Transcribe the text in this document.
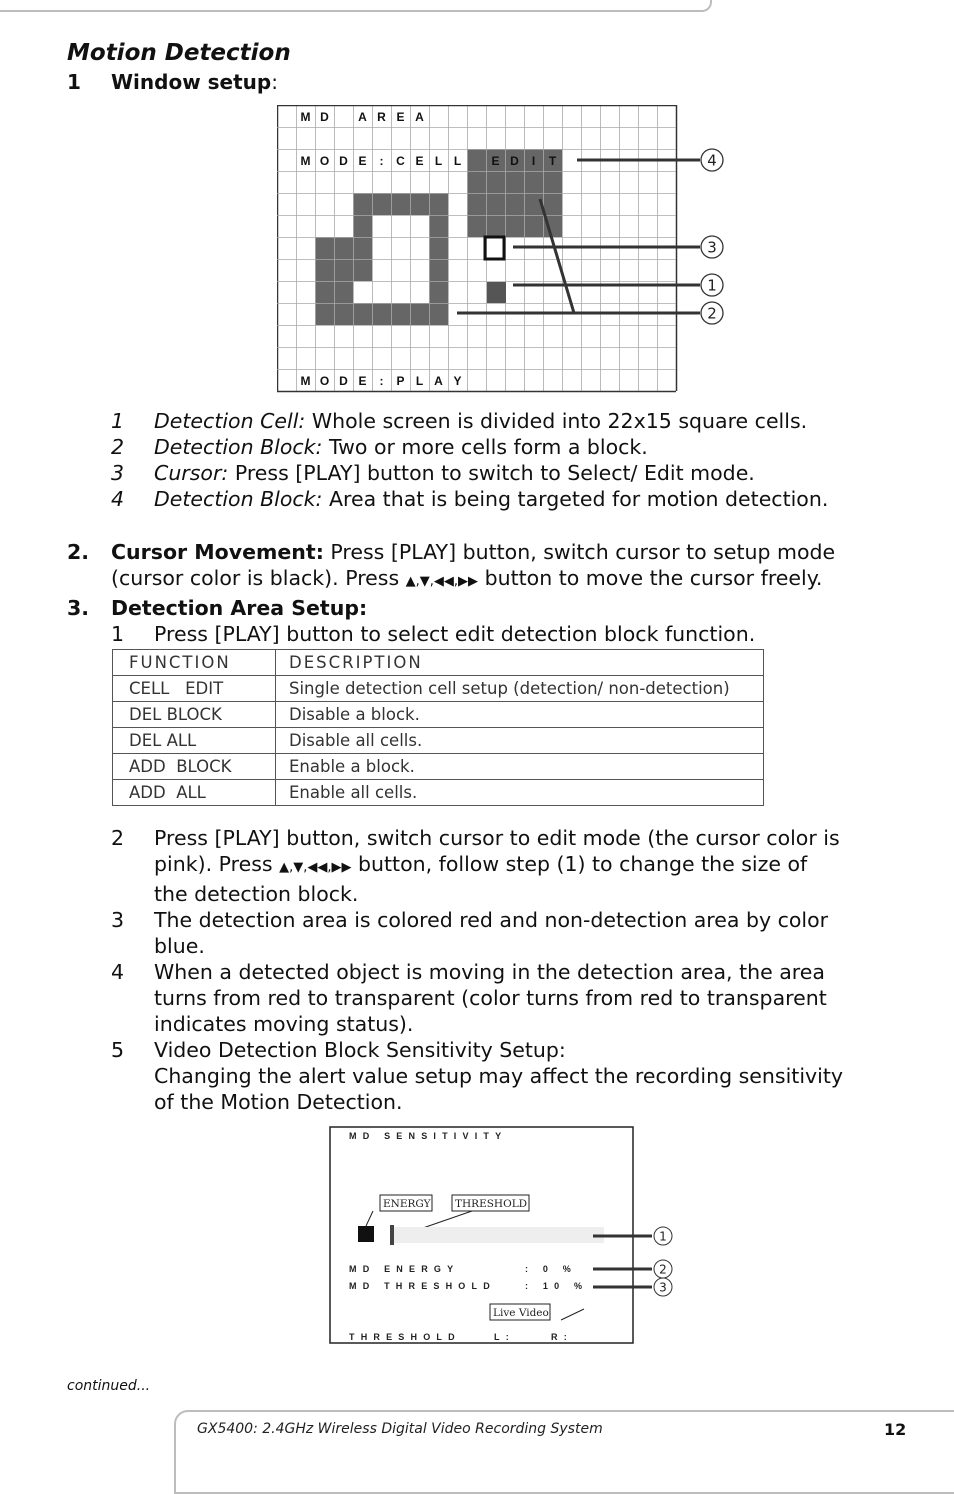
Motion Detection
1 Window setup:
M D A R E A
M O D E : C E L L	E D I T
M O D E : P L A Y
4
3
1
2
1 Detection Cell: Whole screen is divided into 22x15 square cells.
2 Detection Block: Two or more cells form a block.
3 Cursor: Press [PLAY] button to switch to Select/ Edit mode.
4 Detection Block: Area that is being targeted for motion detection.
2. Cursor Movement: Press [PLAY] button, switch cursor to setup mode
(cursor color is black). Press ▲,▼,◀◀,▶▶ button to move the cursor freely.
3. Detection Area Setup:
1 Press [PLAY] button to select edit detection block function.
FUNCTION	DESCRIPTION
CELL   EDIT	Single detection cell setup (detection/ non-detection)
DEL BLOCK	Disable a block.
DEL ALL	Disable all cells.
ADD  BLOCK	Enable a block.
ADD  ALL	Enable all cells.
2 Press [PLAY] button, switch cursor to edit mode (the cursor color is
pink). Press ▲,▼,◀◀,▶▶ button, follow step (1) to change the size of
the detection block.
3 The detection area is colored red and non-detection area by color
blue.
4 When a detected object is moving in the detection area, the area
turns from red to transparent (color turns from red to transparent
indicates moving status).
5 Video Detection Block Sensitivity Setup:
Changing the alert value setup may affect the recording sensitivity
of the Motion Detection.
MD SENSITIVITY
MD ENERGY	: 0 %
MD THRESHOLD	: 10 %
THRESHOLD	L:	R:
ENERGY THRESHOLD
Live Video
1
2
3
continued...
GX5400: 2.4GHz Wireless Digital Video Recording System	12
